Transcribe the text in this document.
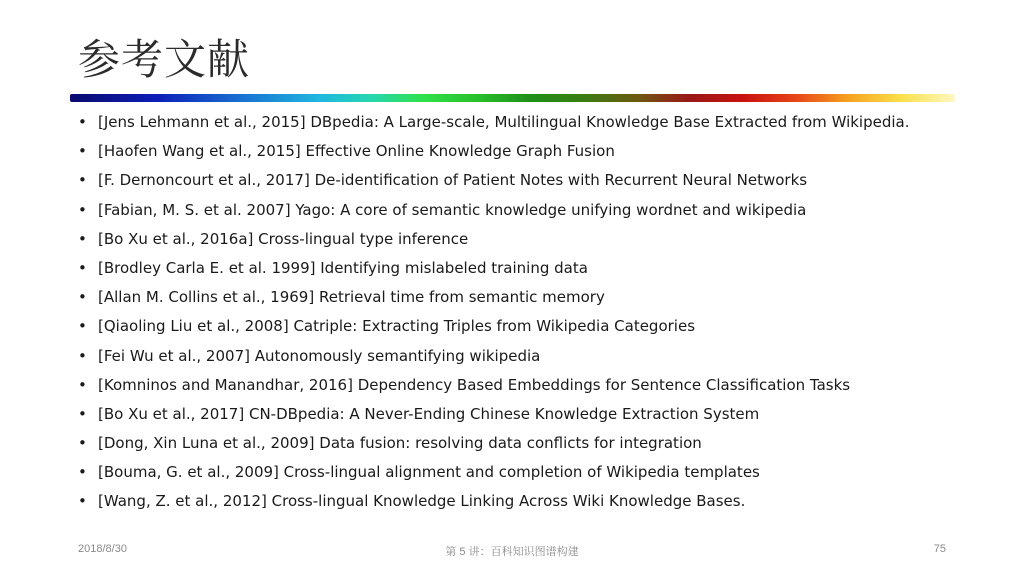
参考文献
• [Jens Lehmann et al., 2015] DBpedia: A Large-scale, Multilingual Knowledge Base Extracted from Wikipedia.
• [Haofen Wang et al., 2015] Effective Online Knowledge Graph Fusion
• [F. Dernoncourt et al., 2017] De-identification of Patient Notes with Recurrent Neural Networks
• [Fabian, M. S. et al. 2007] Yago: A core of semantic knowledge unifying wordnet and wikipedia
• [Bo Xu et al., 2016a] Cross-lingual type inference
• [Brodley Carla E. et al. 1999] Identifying mislabeled training data
• [Allan M. Collins et al., 1969] Retrieval time from semantic memory
• [Qiaoling Liu et al., 2008] Catriple: Extracting Triples from Wikipedia Categories
• [Fei Wu et al., 2007] Autonomously semantifying wikipedia
• [Komninos and Manandhar, 2016] Dependency Based Embeddings for Sentence Classification Tasks
• [Bo Xu et al., 2017] CN-DBpedia: A Never-Ending Chinese Knowledge Extraction System
• [Dong, Xin Luna et al., 2009] Data fusion: resolving data conflicts for integration
• [Bouma, G. et al., 2009] Cross-lingual alignment and completion of Wikipedia templates
• [Wang, Z. et al., 2012] Cross-lingual Knowledge Linking Across Wiki Knowledge Bases.
2018/8/30	第 5 讲：百科知识图谱构建	75
